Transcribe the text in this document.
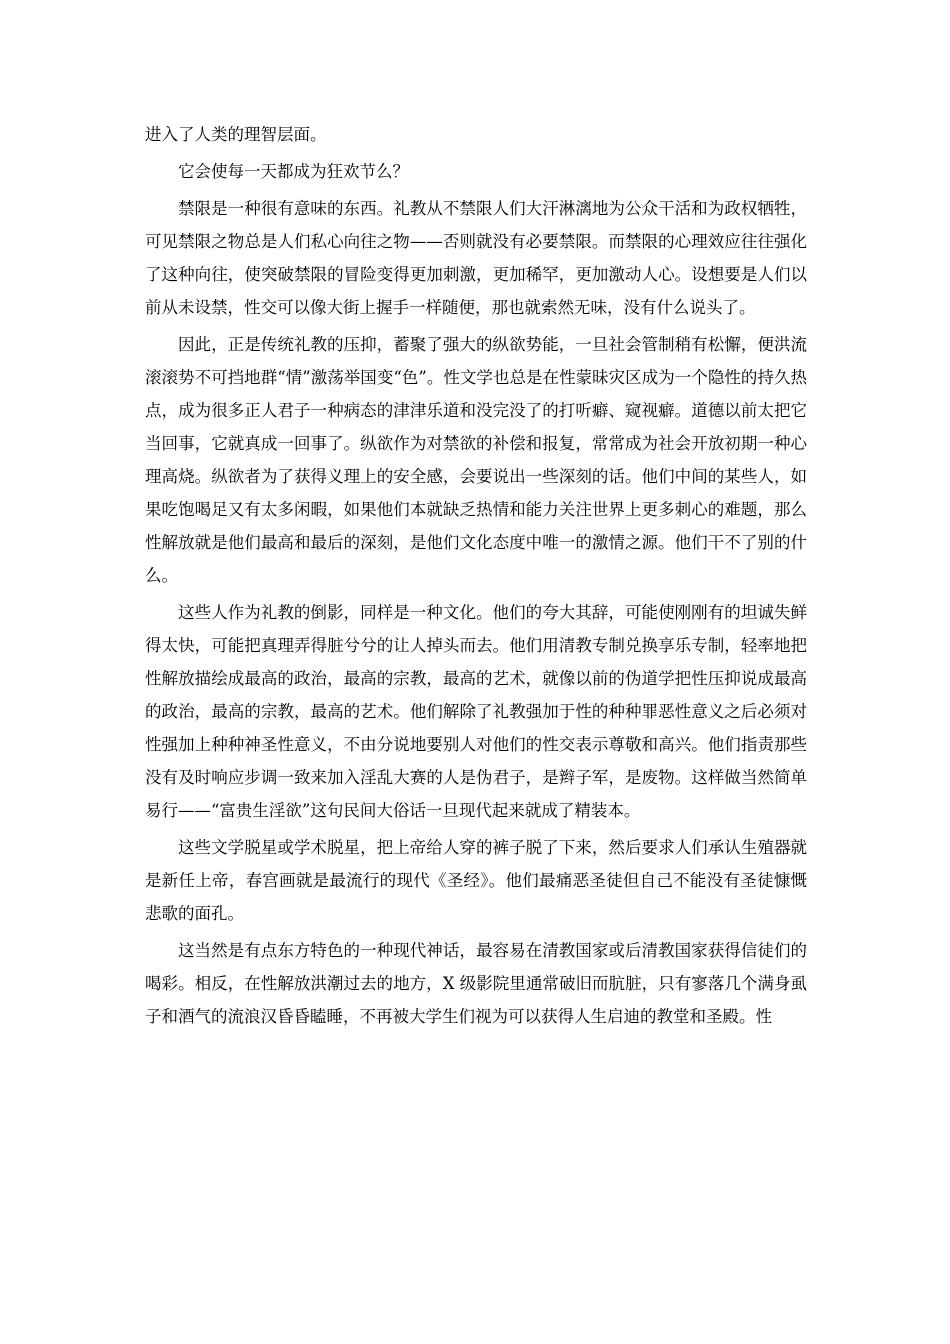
进入了人类的理智层面。

它会使每一天都成为狂欢节么？

禁限是一种很有意味的东西。礼教从不禁限人们大汗淋漓地为公众干活和为政权牺牲，可见禁限之物总是人们私心向往之物——否则就没有必要禁限。而禁限的心理效应往往强化了这种向往，使突破禁限的冒险变得更加刺激，更加稀罕，更加激动人心。设想要是人们以前从未设禁，性交可以像大街上握手一样随便，那也就索然无味，没有什么说头了。

因此，正是传统礼教的压抑，蓄聚了强大的纵欲势能，一旦社会管制稍有松懈，便洪流滚滚势不可挡地群“情”激荡举国变“色”。性文学也总是在性蒙昧灾区成为一个隐性的持久热点，成为很多正人君子一种病态的津津乐道和没完没了的打听癖、窥视癖。道德以前太把它当回事，它就真成一回事了。纵欲作为对禁欲的补偿和报复，常常成为社会开放初期一种心理高烧。纵欲者为了获得义理上的安全感，会要说出一些深刻的话。他们中间的某些人，如果吃饱喝足又有太多闲暇，如果他们本就缺乏热情和能力关注世界上更多刺心的难题，那么性解放就是他们最高和最后的深刻，是他们文化态度中唯一的激情之源。他们干不了别的什么。

这些人作为礼教的倒影，同样是一种文化。他们的夸大其辞，可能使刚刚有的坦诚失鲜得太快，可能把真理弄得脏兮兮的让人掉头而去。他们用清教专制兑换享乐专制，轻率地把性解放描绘成最高的政治，最高的宗教，最高的艺术，就像以前的伪道学把性压抑说成最高的政治，最高的宗教，最高的艺术。他们解除了礼教强加于性的种种罪恶性意义之后必须对性强加上种种神圣性意义，不由分说地要别人对他们的性交表示尊敬和高兴。他们指责那些没有及时响应步调一致来加入淫乱大赛的人是伪君子，是辫子军，是废物。这样做当然简单易行——“富贵生淫欲”这句民间大俗话一旦现代起来就成了精装本。

这些文学脱星或学术脱星，把上帝给人穿的裤子脱了下来，然后要求人们承认生殖器就是新任上帝，春宫画就是最流行的现代《圣经》。他们最痛恶圣徒但自己不能没有圣徒慷慨悲歌的面孔。

这当然是有点东方特色的一种现代神话，最容易在清教国家或后清教国家获得信徒们的喝彩。相反，在性解放洪潮过去的地方，X 级影院里通常破旧而肮脏，只有寥落几个满身虱子和酒气的流浪汉昏昏瞌睡，不再被大学生们视为可以获得人生启迪的教堂和圣殿。性
